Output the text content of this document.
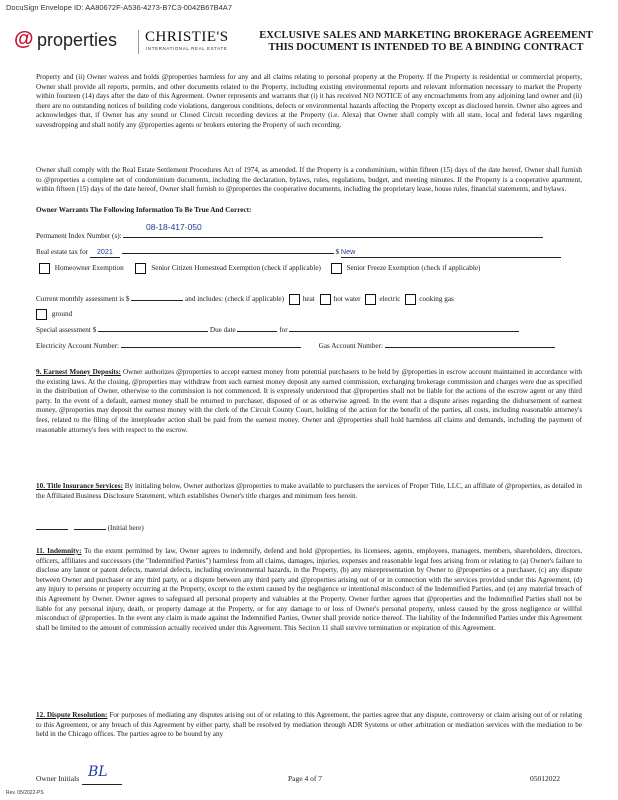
DocuSign Envelope ID: AA80672F-A536-4273-B7C3-0042B67B4A7
@ properties CHRISTIE'S
INTERNATIONAL REAL ESTATE
EXCLUSIVE SALES AND MARKETING BROKERAGE AGREEMENT
THIS DOCUMENT IS INTENDED TO BE A BINDING CONTRACT
Property and (ii) Owner waives and holds @properties harmless for any and all claims relating to personal property at the Property. If the Property is residential or commercial property, Owner shall provide all reports, permits, and other documents related to the Property, including existing environmental reports and relevant information necessary to market the Property within fourteen (14) days after the date of this Agreement. Owner represents and warrants that (i) it has received NO NOTICE of any encroachments from any adjoining land owner and (ii) there are no outstanding notices of building code violations, dangerous conditions, defects or environmental hazards affecting the Property except as disclosed herein. Owner also agrees and acknowledges that, if Owner has any sound or Closed Circuit recording devices at the Property (i.e. Alexa) that Owner shall comply with all state, local and federal laws regarding eavesdropping and shall notify any @properties agents or brokers entering the Property of such recording.
Owner shall comply with the Real Estate Settlement Procedures Act of 1974, as amended. If the Property is a condominium, within fifteen (15) days of the date hereof, Owner shall furnish to @properties a complete set of condominium documents, including the declaration, bylaws, rules, regulations, budget, and meeting minutes. If the Property is a cooperative apartment, within fifteen (15) days of the date hereof, Owner shall furnish to @properties the cooperative documents, including the proprietary lease, house rules, financial statements, and bylaws.
Owner Warrants The Following Information To Be True And Correct:
08-18-417-050
Permanent Index Number (s):
Real estate tax for 2021	$ New
Homeowner Exemption	Senior Citizen Homestead Exemption (check if applicable)	Senior Freeze Exemption (check if applicable)
Current monthly assessment is $	and includes: (check if applicable)	heat	hot water	electric	cooking gas
ground
Special assessment $	Due date	for
Electricity Account Number:	Gas Account Number:
9. Earnest Money Deposits: Owner authorizes @properties to accept earnest money from potential purchasers to be held by @properties in escrow account maintained in accordance with the existing laws. At the closing, @properties may withdraw from such earnest money deposit any earned commission, exchanging brokerage commission and charges were due as specified in the distribution of Owner, otherwise to the commission is not commenced. It is expressly understood that @properties shall not be liable for the actions of the escrow agent or any third party. In the event of a default, earnest money shall be returned to purchaser, disposed of or as otherwise agreed. In the event that a dispute arises regarding the disbursement of earnest money, @properties may deposit the earnest money with the clerk of the Circuit County Court, holding of the action for the benefit of the parties, all costs, including reasonable attorney's fees, related to the filing of the interpleader action shall be paid from the earnest money. Owner and @properties shall hold harmless all claims and demands, including the payment of reasonable attorney's fees with respect to the escrow.
10. Title Insurance Services: By initialing below, Owner authorizes @properties to make available to purchasers the services of Proper Title, LLC, an affiliate of @properties, as detailed in the Affiliated Business Disclosure Statement, which establishes Owner's title charges and minimum fees herein.
(Initial here)
11. Indemnity: To the extent permitted by law, Owner agrees to indemnify, defend and hold @properties, its licensees, agents, employees, managers, members, shareholders, directors, officers, affiliates and successors (the "Indemnified Parties") harmless from all claims, damages, injuries, expenses and reasonable legal fees arising from or relating to (a) Owner's failure to disclose any latent or patent defects, material defects, including environmental hazards, in the Property, (b) any misrepresentation by Owner to @properties or a purchaser, (c) any dispute between Owner and purchaser or any third party, or a dispute between any third party and @properties arising out of or in connection with the services provided under this Agreement, (d) any injury to persons or property occurring at the Property, except to the extent caused by the negligence or intentional misconduct of the Indemnified Parties, and (e) any material breach of this Agreement by Owner. Owner agrees to safeguard all personal property and valuables at the Property. Owner further agrees that @properties and the Indemnified Parties shall not be liable for any personal injury, death, or property damage at the Property, or for any damage to or loss of Owner's personal property, unless caused by the gross negligence or willful misconduct of @properties. In the event any claim is made against the Indemnified Parties, Owner shall provide notice thereof. The liability of the Indemnified Parties under this Agreement shall be limited to the amount of commission actually received under this Agreement. This Section 11 shall survive termination or expiration of this Agreement.
12. Dispute Resolution: For purposes of mediating any disputes arising out of or relating to this Agreement, the parties agree that any dispute, controversy or claim arising out of or relating to this Agreement, or any breach of this Agreement by either party, shall be resolved by mediation through ADR Systems or other arbitration or mediation services with the mediation to be held in the Chicago offices. The parties agree to be bound by any
Owner Initials BL	Page 4 of 7	05012022
Rev. 05/2022-PS
